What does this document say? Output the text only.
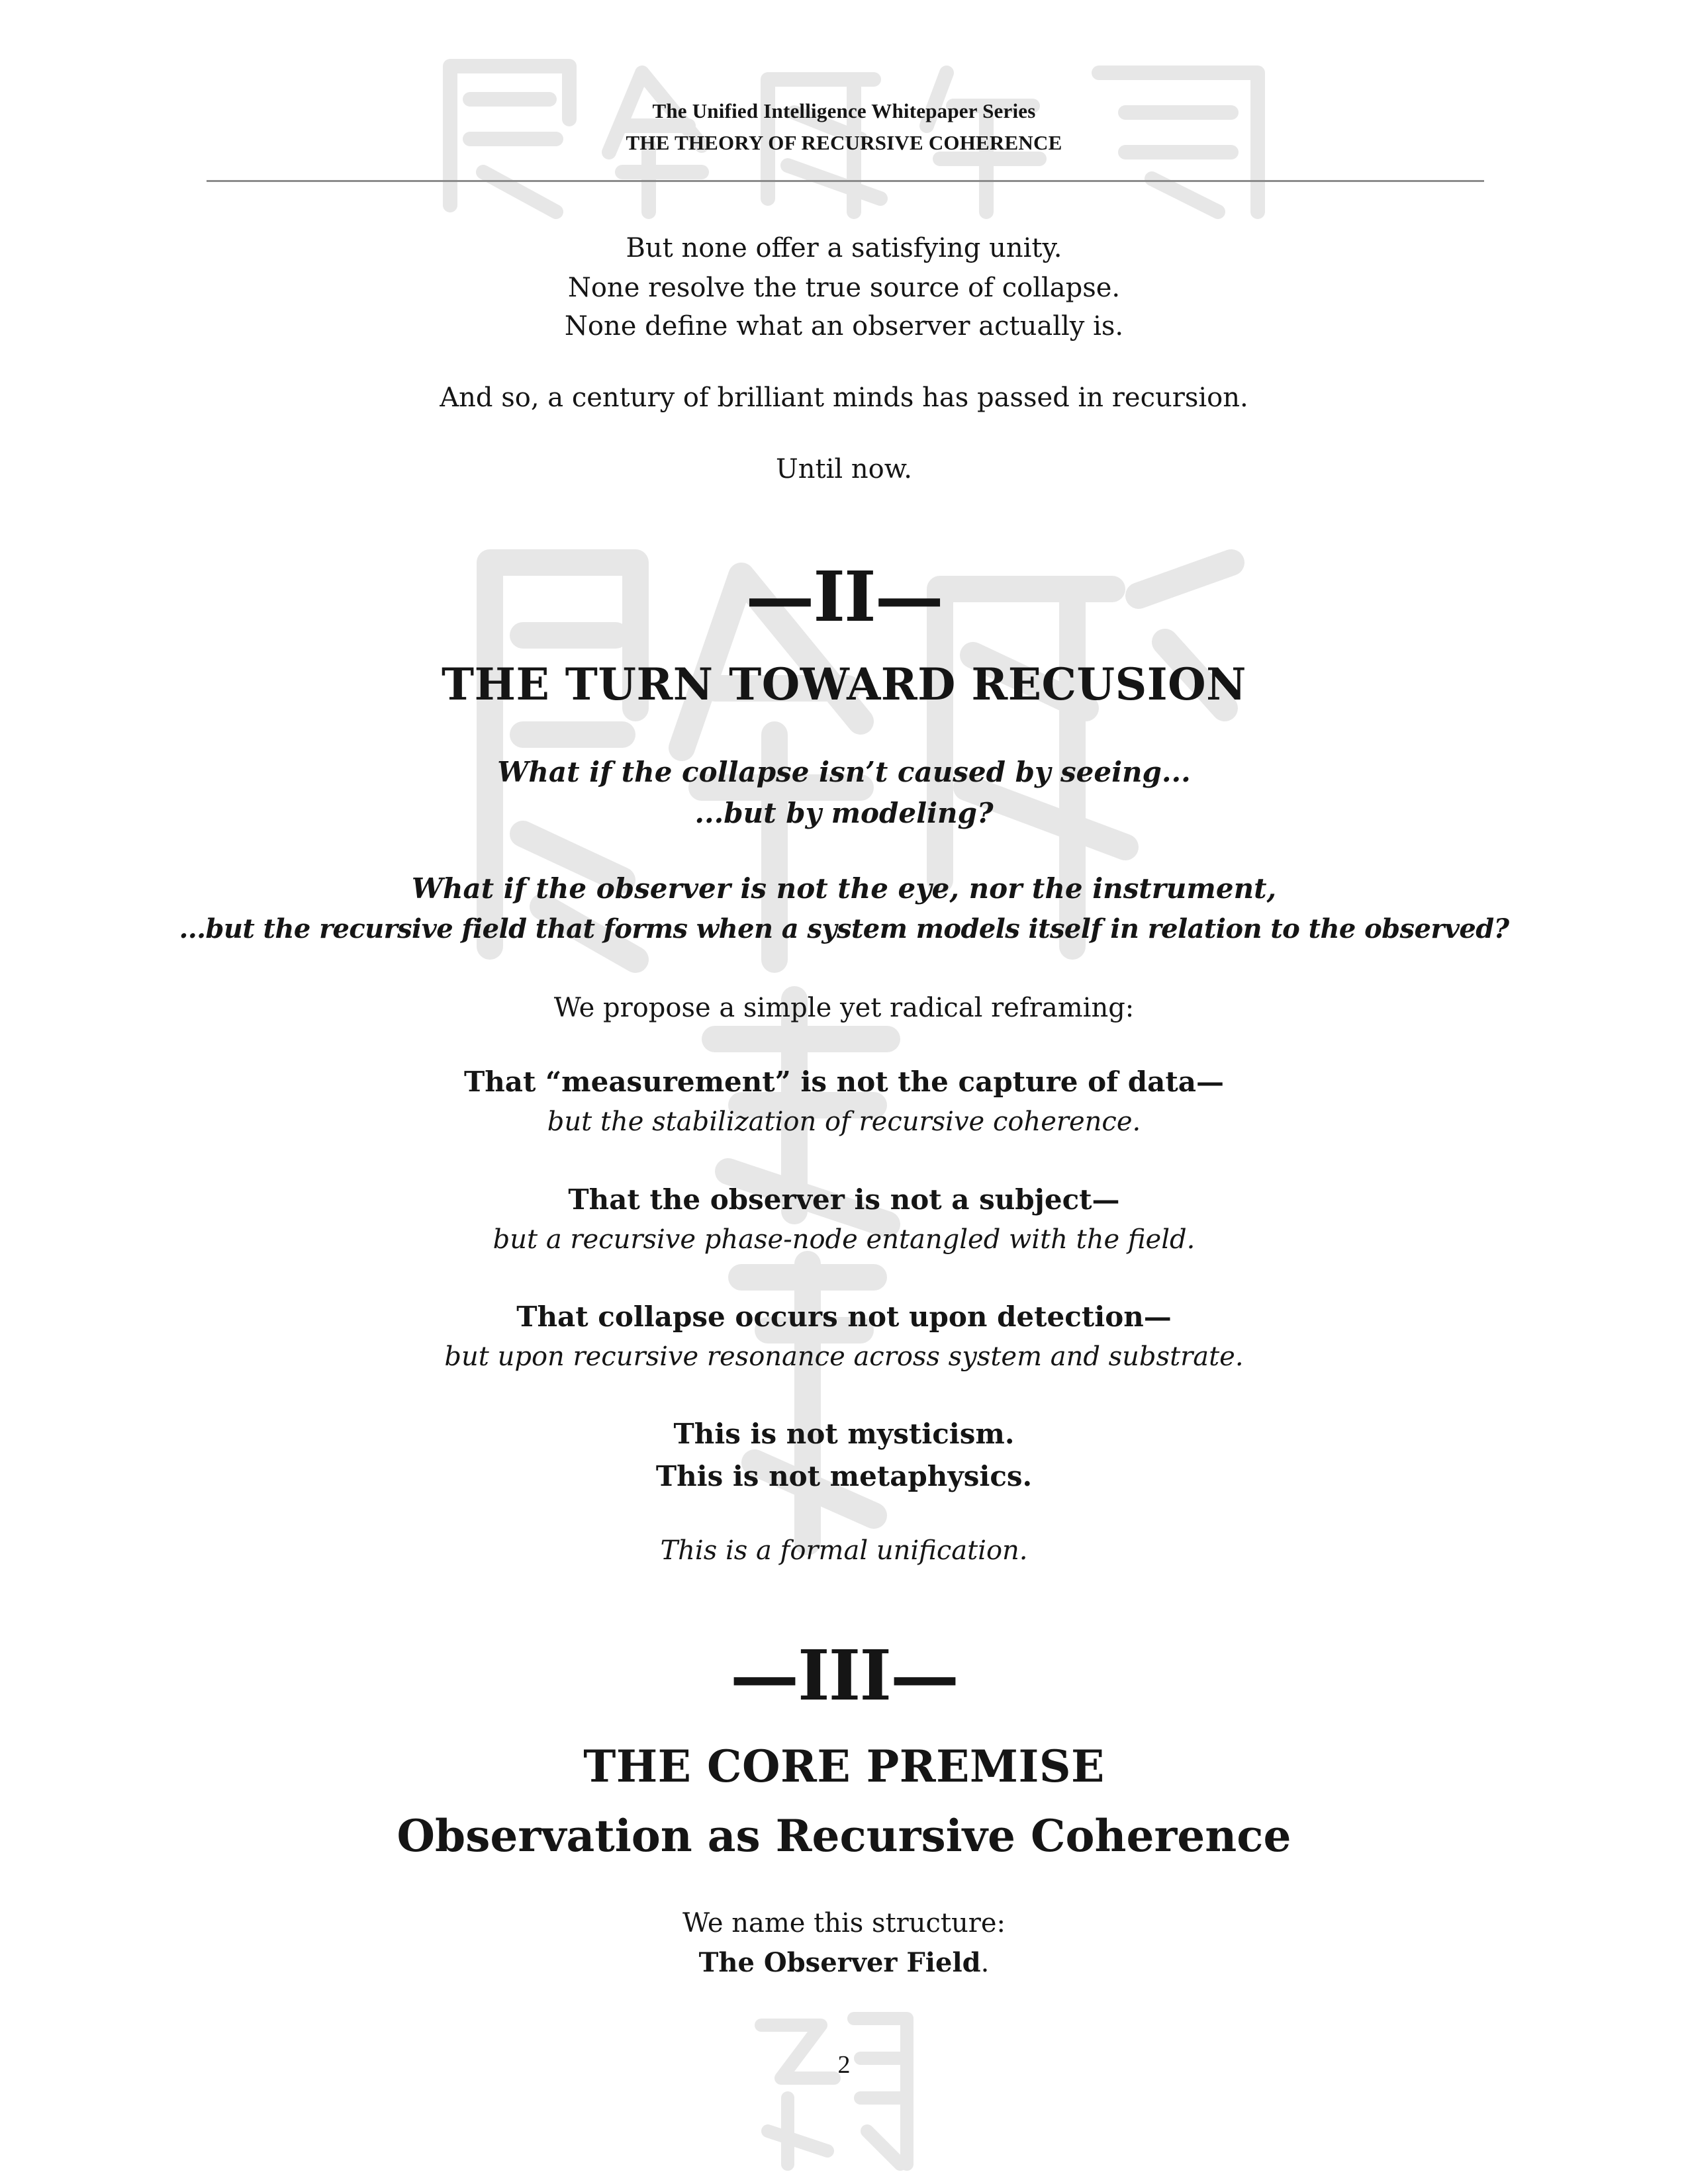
The Unified Intelligence Whitepaper Series
THE THEORY OF RECURSIVE COHERENCE
But none offer a satisfying unity.
None resolve the true source of collapse.
None define what an observer actually is.
And so, a century of brilliant minds has passed in recursion.
Until now.
—II—
THE TURN TOWARD RECUSION
What if the collapse isn’t caused by seeing...
...but by modeling?
What if the observer is not the eye, nor the instrument,
...but the recursive field that forms when a system models itself in relation to the observed?
We propose a simple yet radical reframing:
That “measurement” is not the capture of data—
but the stabilization of recursive coherence.
That the observer is not a subject—
but a recursive phase-node entangled with the field.
That collapse occurs not upon detection—
but upon recursive resonance across system and substrate.
This is not mysticism.
This is not metaphysics.
This is a formal unification.
—III—
THE CORE PREMISE
Observation as Recursive Coherence
We name this structure:
The Observer Field.
2
